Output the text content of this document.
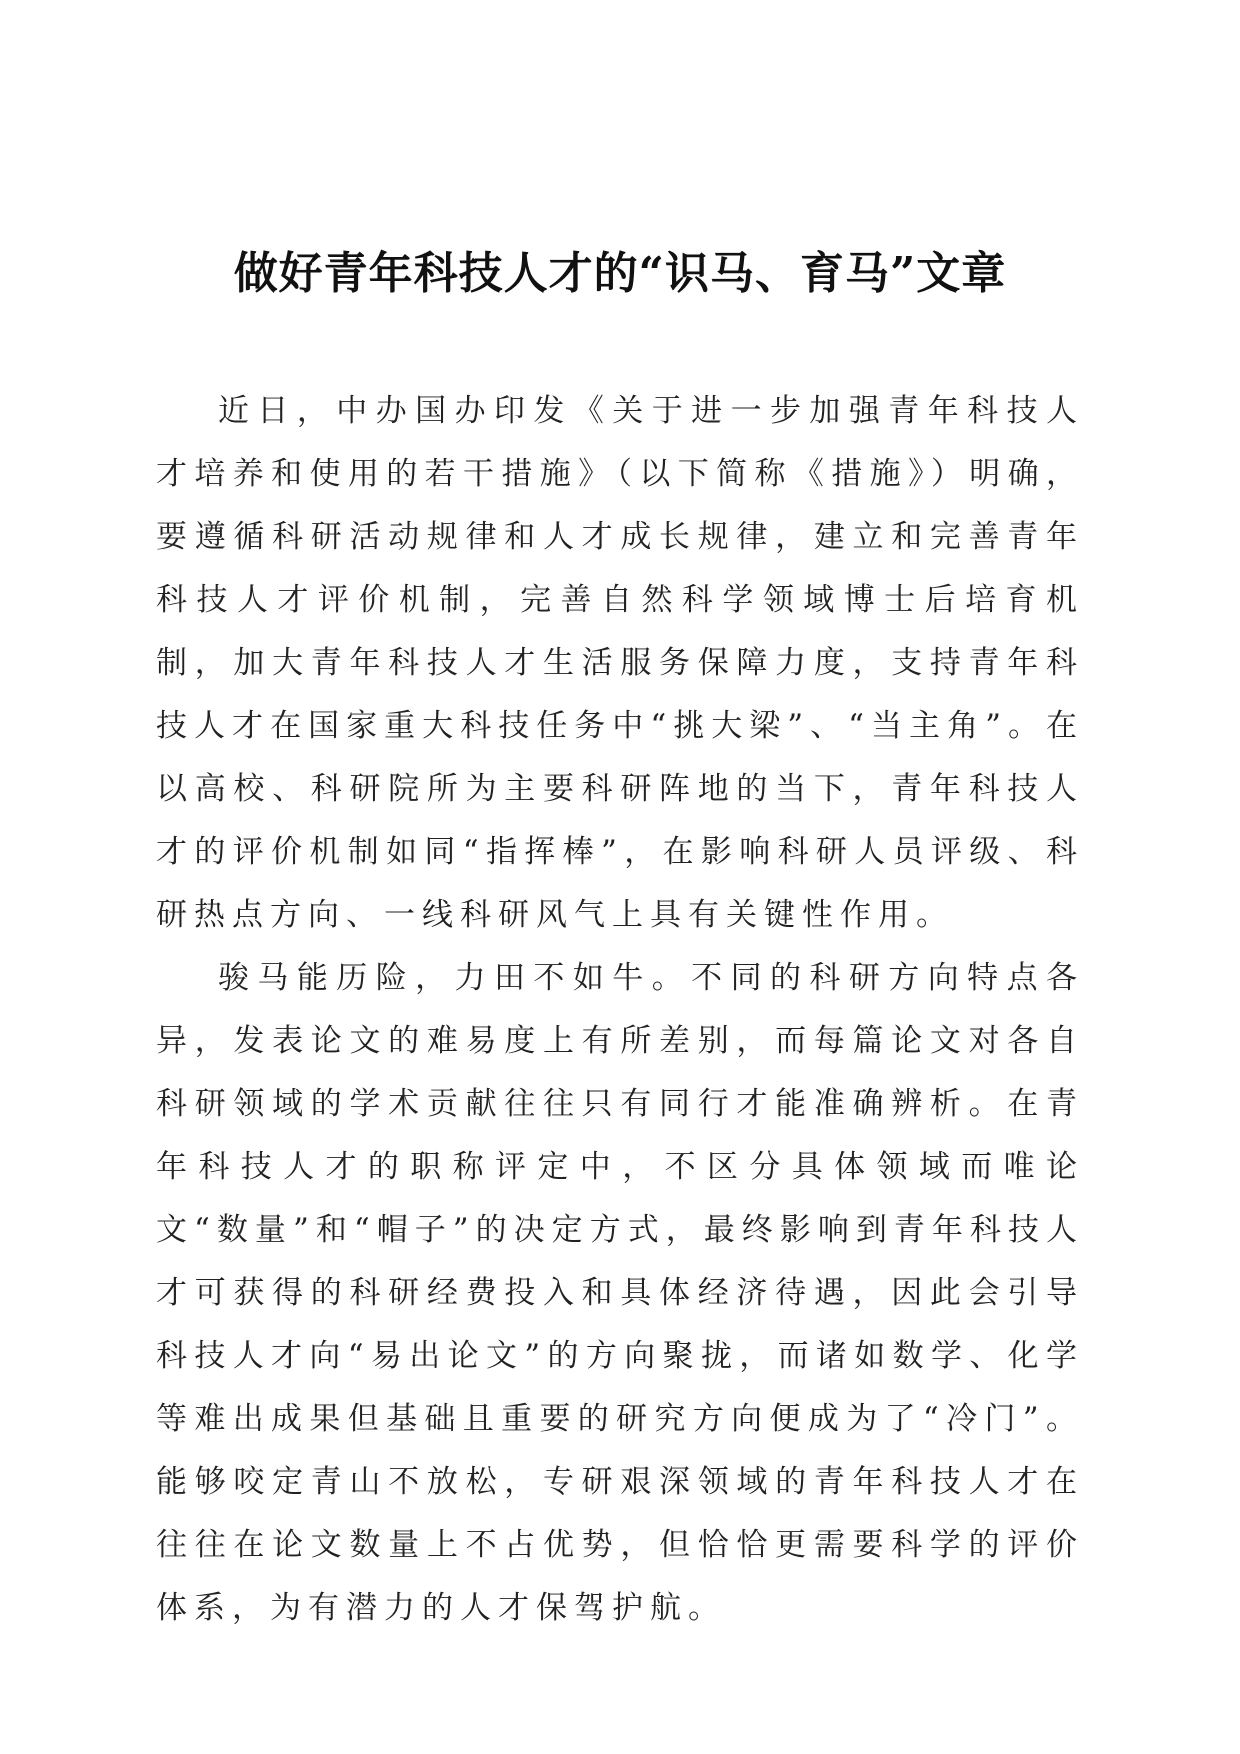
做好青年科技人才的“识马、育马”文章

近日，中办国办印发《关于进一步加强青年科技人才培养和使用的若干措施》（以下简称《措施》）明确，要遵循科研活动规律和人才成长规律，建立和完善青年科技人才评价机制，完善自然科学领域博士后培育机制，加大青年科技人才生活服务保障力度，支持青年科技人才在国家重大科技任务中“挑大梁”、“当主角”。在以高校、科研院所为主要科研阵地的当下，青年科技人才的评价机制如同“指挥棒”，在影响科研人员评级、科研热点方向、一线科研风气上具有关键性作用。

骏马能历险，力田不如牛。不同的科研方向特点各异，发表论文的难易度上有所差别，而每篇论文对各自科研领域的学术贡献往往只有同行才能准确辨析。在青年科技人才的职称评定中，不区分具体领域而唯论文“数量”和“帽子”的决定方式，最终影响到青年科技人才可获得的科研经费投入和具体经济待遇，因此会引导科技人才向“易出论文”的方向聚拢，而诸如数学、化学等难出成果但基础且重要的研究方向便成为了“冷门”。能够咬定青山不放松，专研艰深领域的青年科技人才在往往在论文数量上不占优势，但恰恰更需要科学的评价体系，为有潜力的人才保驾护航。
